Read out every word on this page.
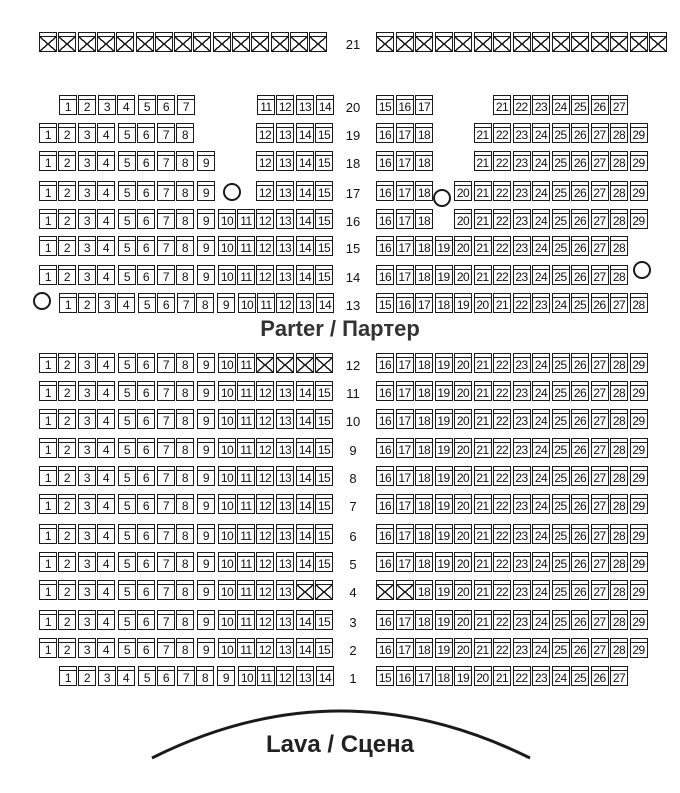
Parter / Партер
Lava / Сцена
21
20
1	2	3	4	5	6	7	11 12 13 14	15 16 17	21 22 23 24 25 26 27
19
1	2	3	4	5	6	7	8	12 13 14 15	16 17 18	21 22 23 24 25 26 27 28 29
18
1	2	3	4	5	6	7	8	9	12 13 14 15	16 17 18	21 22 23 24 25 26 27 28 29
17
1	2	3	4	5	6	7	8	9	12 13 14 15	16 17 18 20 21 22 23 24 25 26 27 28 29
16
1	2	3	4	5	6	7	8	9 10 11 12 13 14 15	16 17 18 20 21 22 23 24 25 26 27 28 29
15
1	2	3	4	5	6	7	8	9 10 11 12 13 14 15	16 17 18 19 20 21 22 23 24 25 26 27 28
14
1	2	3	4	5	6	7	8	9 10 11 12 13 14 15	16 17 18 19 20 21 22 23 24 25 26 27 28
13
1	2	3	4	5	6	7	8	9 10 11 12 13 14	15 16 17 18 19 20 21 22 23 24 25 26 27 28
12
1	2	3	4	5	6	7	8	9 10 11	16 17 18 19 20 21 22 23 24 25 26 27 28 29
11
1	2	3	4	5	6	7	8	9 10 11 12 13 14 15	16 17 18 19 20 21 22 23 24 25 26 27 28 29
10
1	2	3	4	5	6	7	8	9 10 11 12 13 14 15	16 17 18 19 20 21 22 23 24 25 26 27 28 29
9
1	2	3	4	5	6	7	8	9 10 11 12 13 14 15	16 17 18 19 20 21 22 23 24 25 26 27 28 29
8
1	2	3	4	5	6	7	8	9 10 11 12 13 14 15	16 17 18 19 20 21 22 23 24 25 26 27 28 29
7
1	2	3	4	5	6	7	8	9 10 11 12 13 14 15	16 17 18 19 20 21 22 23 24 25 26 27 28 29
6
1	2	3	4	5	6	7	8	9 10 11 12 13 14 15	16 17 18 19 20 21 22 23 24 25 26 27 28 29
5
1	2	3	4	5	6	7	8	9 10 11 12 13 14 15	16 17 18 19 20 21 22 23 24 25 26 27 28 29
4
1	2	3	4	5	6	7	8	9 10 11 12 13	18 19 20 21 22 23 24 25 26 27 28 29
3
1	2	3	4	5	6	7	8	9 10 11 12 13 14 15	16 17 18 19 20 21 22 23 24 25 26 27 28 29
2
1	2	3	4	5	6	7	8	9 10 11 12 13 14 15	16 17 18 19 20 21 22 23 24 25 26 27 28 29
1
1	2	3	4	5	6	7	8	9 10 11 12 13 14	15 16 17 18 19 20 21 22 23 24 25 26 27
